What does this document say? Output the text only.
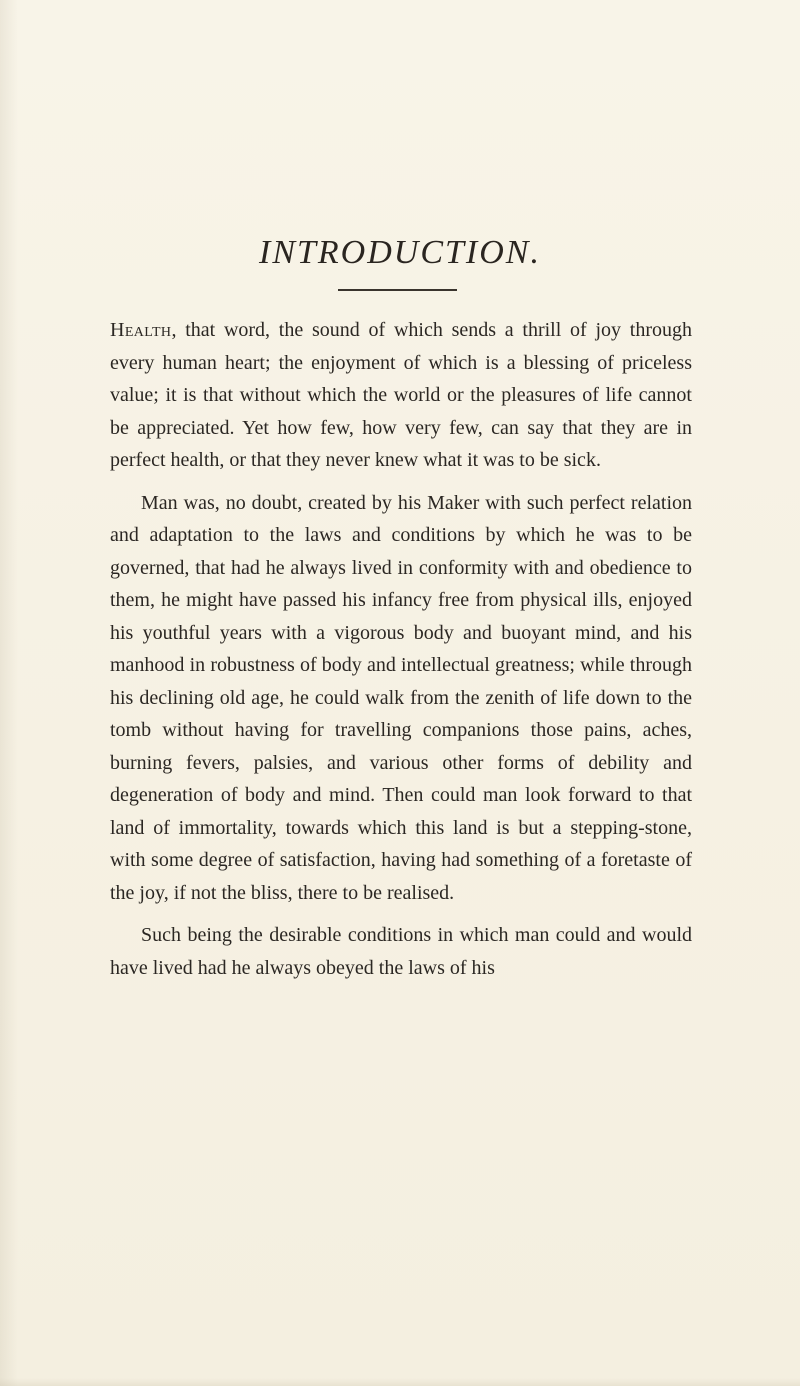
INTRODUCTION.

Health, that word, the sound of which sends a thrill of joy through every human heart; the enjoyment of which is a blessing of priceless value; it is that without which the world or the pleasures of life cannot be appreciated. Yet how few, how very few, can say that they are in perfect health, or that they never knew what it was to be sick.

Man was, no doubt, created by his Maker with such perfect relation and adaptation to the laws and conditions by which he was to be governed, that had he always lived in conformity with and obedience to them, he might have passed his infancy free from physical ills, enjoyed his youthful years with a vigorous body and buoyant mind, and his manhood in robustness of body and intellectual greatness; while through his declining old age, he could walk from the zenith of life down to the tomb without having for travelling companions those pains, aches, burning fevers, palsies, and various other forms of debility and degeneration of body and mind. Then could man look forward to that land of immortality, towards which this land is but a stepping-stone, with some degree of satisfaction, having had something of a foretaste of the joy, if not the bliss, there to be realised.

Such being the desirable conditions in which man could and would have lived had he always obeyed the laws of his
